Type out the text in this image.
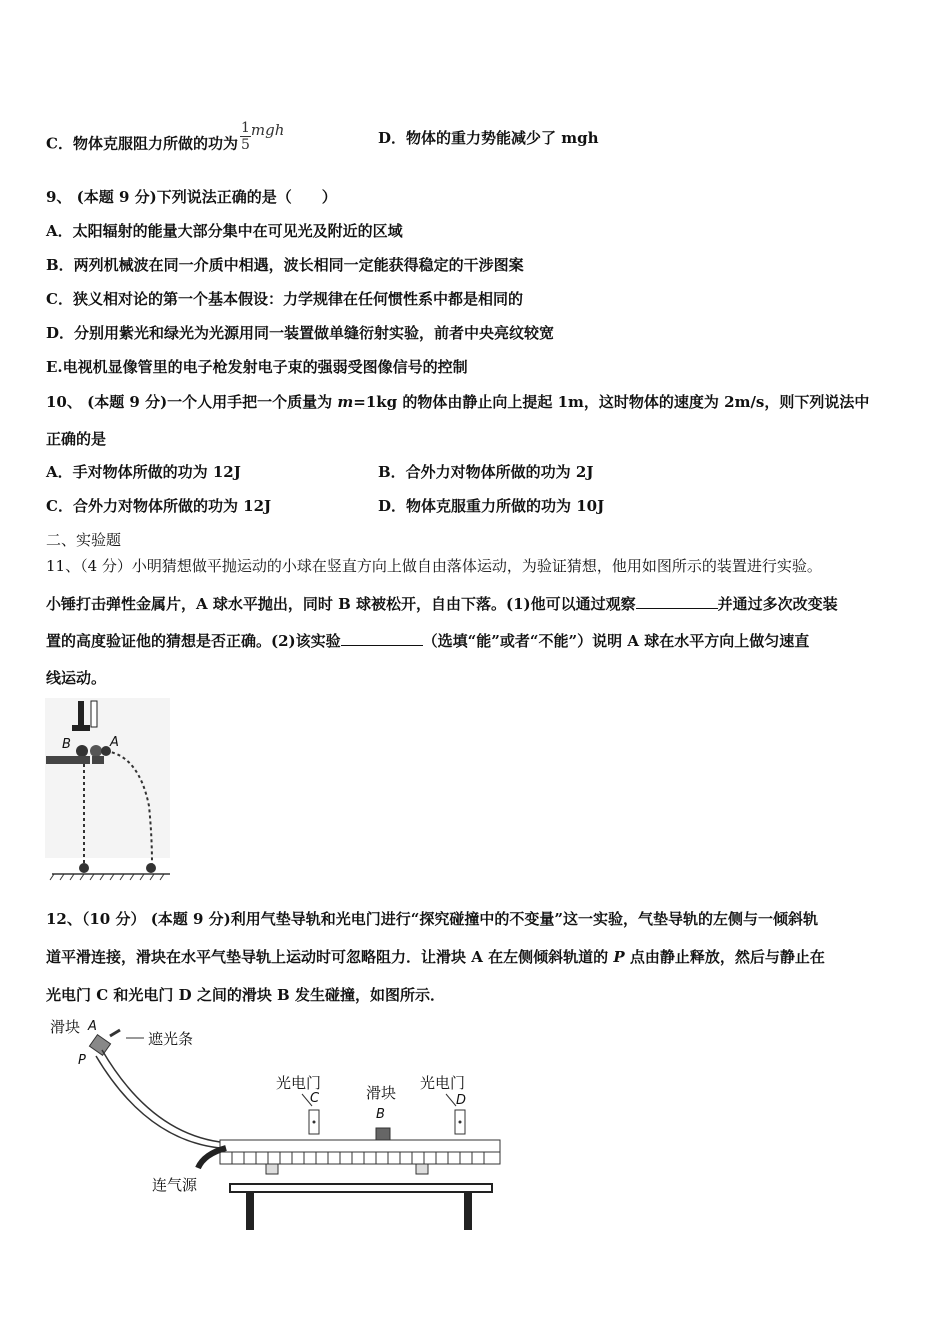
C．物体克服阻力所做的功为 $\frac{1}{5}$ mgh	D．物体的重力势能减少了 mgh
9、 (本题 9 分)下列说法正确的是（　　）
A．太阳辐射的能量大部分集中在可见光及附近的区域
B．两列机械波在同一介质中相遇，波长相同一定能获得稳定的干涉图案
C．狭义相对论的第一个基本假设：力学规律在任何惯性系中都是相同的
D．分别用紫光和绿光为光源用同一装置做单缝衍射实验，前者中央亮纹较宽
E.电视机显像管里的电子枪发射电子束的强弱受图像信号的控制
10、 (本题 9 分)一个人用手把一个质量为 m=1kg 的物体由静止向上提起 1m，这时物体的速度为 2m/s，则下列说法中
正确的是
A．手对物体所做的功为 12J	B．合外力对物体所做的功为 2J
C．合外力对物体所做的功为 12J	D．物体克服重力所做的功为 10J
二、实验题
11、（4 分）小明猜想做平抛运动的小球在竖直方向上做自由落体运动，为验证猜想，他用如图所示的装置进行实验。
小锤打击弹性金属片，A 球水平抛出，同时 B 球被松开，自由下落。(1)他可以通过观察	并通过多次改变装
置的高度验证他的猜想是否正确。(2)该实验	（选填“能”或者“不能”）说明 A 球在水平方向上做匀速直
线运动。
B	A
12、（10 分） (本题 9 分)利用气垫导轨和光电门进行“探究碰撞中的不变量”这一实验，气垫导轨的左侧与一倾斜轨
道平滑连接，滑块在水平气垫导轨上运动时可忽略阻力．让滑块 A 在左侧倾斜轨道的 P 点由静止释放，然后与静止在
光电门 C 和光电门 D 之间的滑块 B 发生碰撞，如图所示．
滑块 A
P
遮光条
光电门
C	滑块
B
光电门
D
连气源
